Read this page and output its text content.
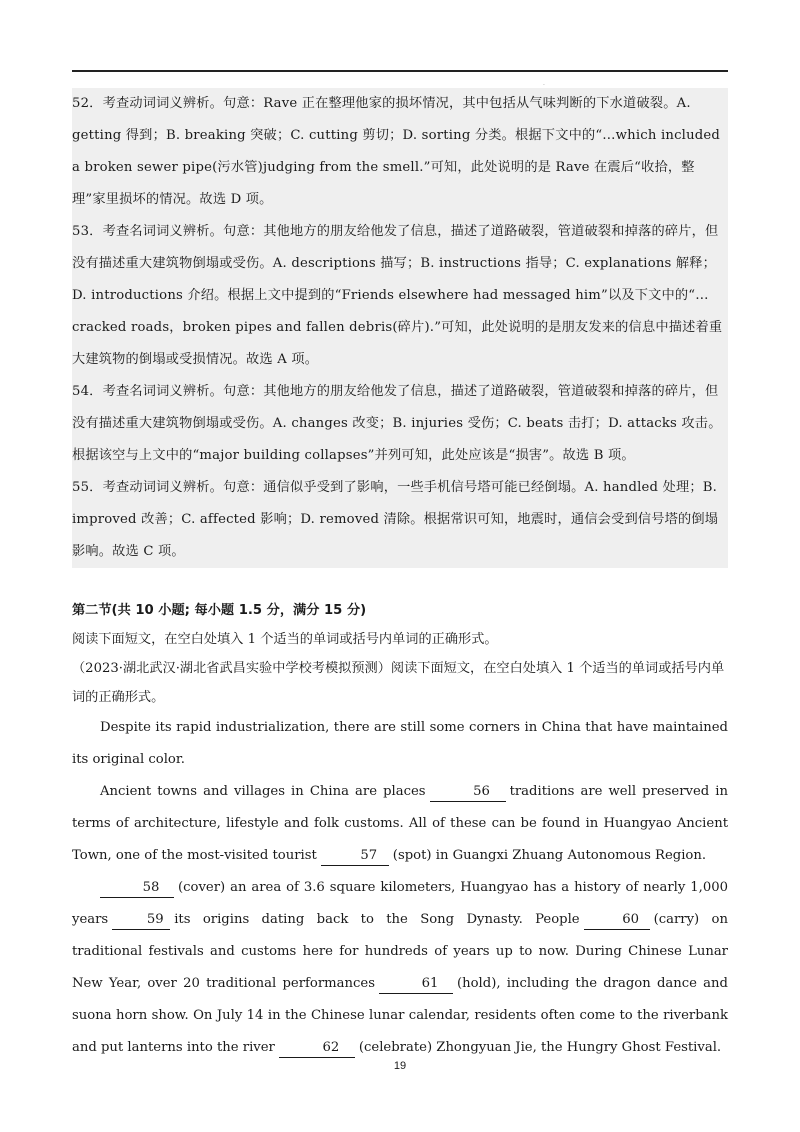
.

52．考查动词词义辨析。句意：Rave 正在整理他家的损坏情况，其中包括从气味判断的下水道破裂。A. getting 得到；B. breaking 突破；C. cutting 剪切；D. sorting 分类。根据下文中的“…which included a broken sewer pipe(污水管)judging from the smell.”可知，此处说明的是 Rave 在震后“收拾，整理”家里损坏的情况。故选 D 项。

53．考查名词词义辨析。句意：其他地方的朋友给他发了信息，描述了道路破裂，管道破裂和掉落的碎片，但没有描述重大建筑物倒塌或受伤。A. descriptions 描写；B. instructions 指导；C. explanations 解释；D. introductions 介绍。根据上文中提到的“Friends elsewhere had messaged him”以及下文中的“…cracked roads，broken pipes and fallen debris(碎片).”可知，此处说明的是朋友发来的信息中描述着重大建筑物的倒塌或受损情况。故选 A 项。

54．考查名词词义辨析。句意：其他地方的朋友给他发了信息，描述了道路破裂，管道破裂和掉落的碎片，但没有描述重大建筑物倒塌或受伤。A. changes 改变；B. injuries 受伤；C. beats 击打；D. attacks 攻击。根据该空与上文中的“major building collapses”并列可知，此处应该是“损害”。故选 B 项。

55．考查动词词义辨析。句意：通信似乎受到了影响，一些手机信号塔可能已经倒塌。A. handled 处理；B. improved 改善；C. affected 影响；D. removed 清除。根据常识可知，地震时，通信会受到信号塔的倒塌影响。故选 C 项。

第二节(共 10 小题; 每小题 1.5 分，满分 15 分)

阅读下面短文，在空白处填入 1 个适当的单词或括号内单词的正确形式。

（2023·湖北武汉·湖北省武昌实验中学校考模拟预测）阅读下面短文，在空白处填入 1 个适当的单词或括号内单词的正确形式。

Despite its rapid industrialization, there are still some corners in China that have maintained its original color.

Ancient towns and villages in China are places	56 traditions are well preserved in terms of architecture, lifestyle and folk customs. All of these can be found in Huangyao Ancient Town, one of the most-visited tourist	57 (spot) in Guangxi Zhuang Autonomous Region.

58 (cover) an area of 3.6 square kilometers, Huangyao has a history of nearly 1,000 years	59 its origins dating back to the Song Dynasty. People	60 (carry) on traditional festivals and customs here for hundreds of years up to now. During Chinese Lunar New Year, over 20 traditional performances	61 (hold), including the dragon dance and suona horn show. On July 14 in the Chinese lunar calendar, residents often come to the riverbank and put lanterns into the river	62 (celebrate) Zhongyuan Jie, the Hungry Ghost Festival.

19
